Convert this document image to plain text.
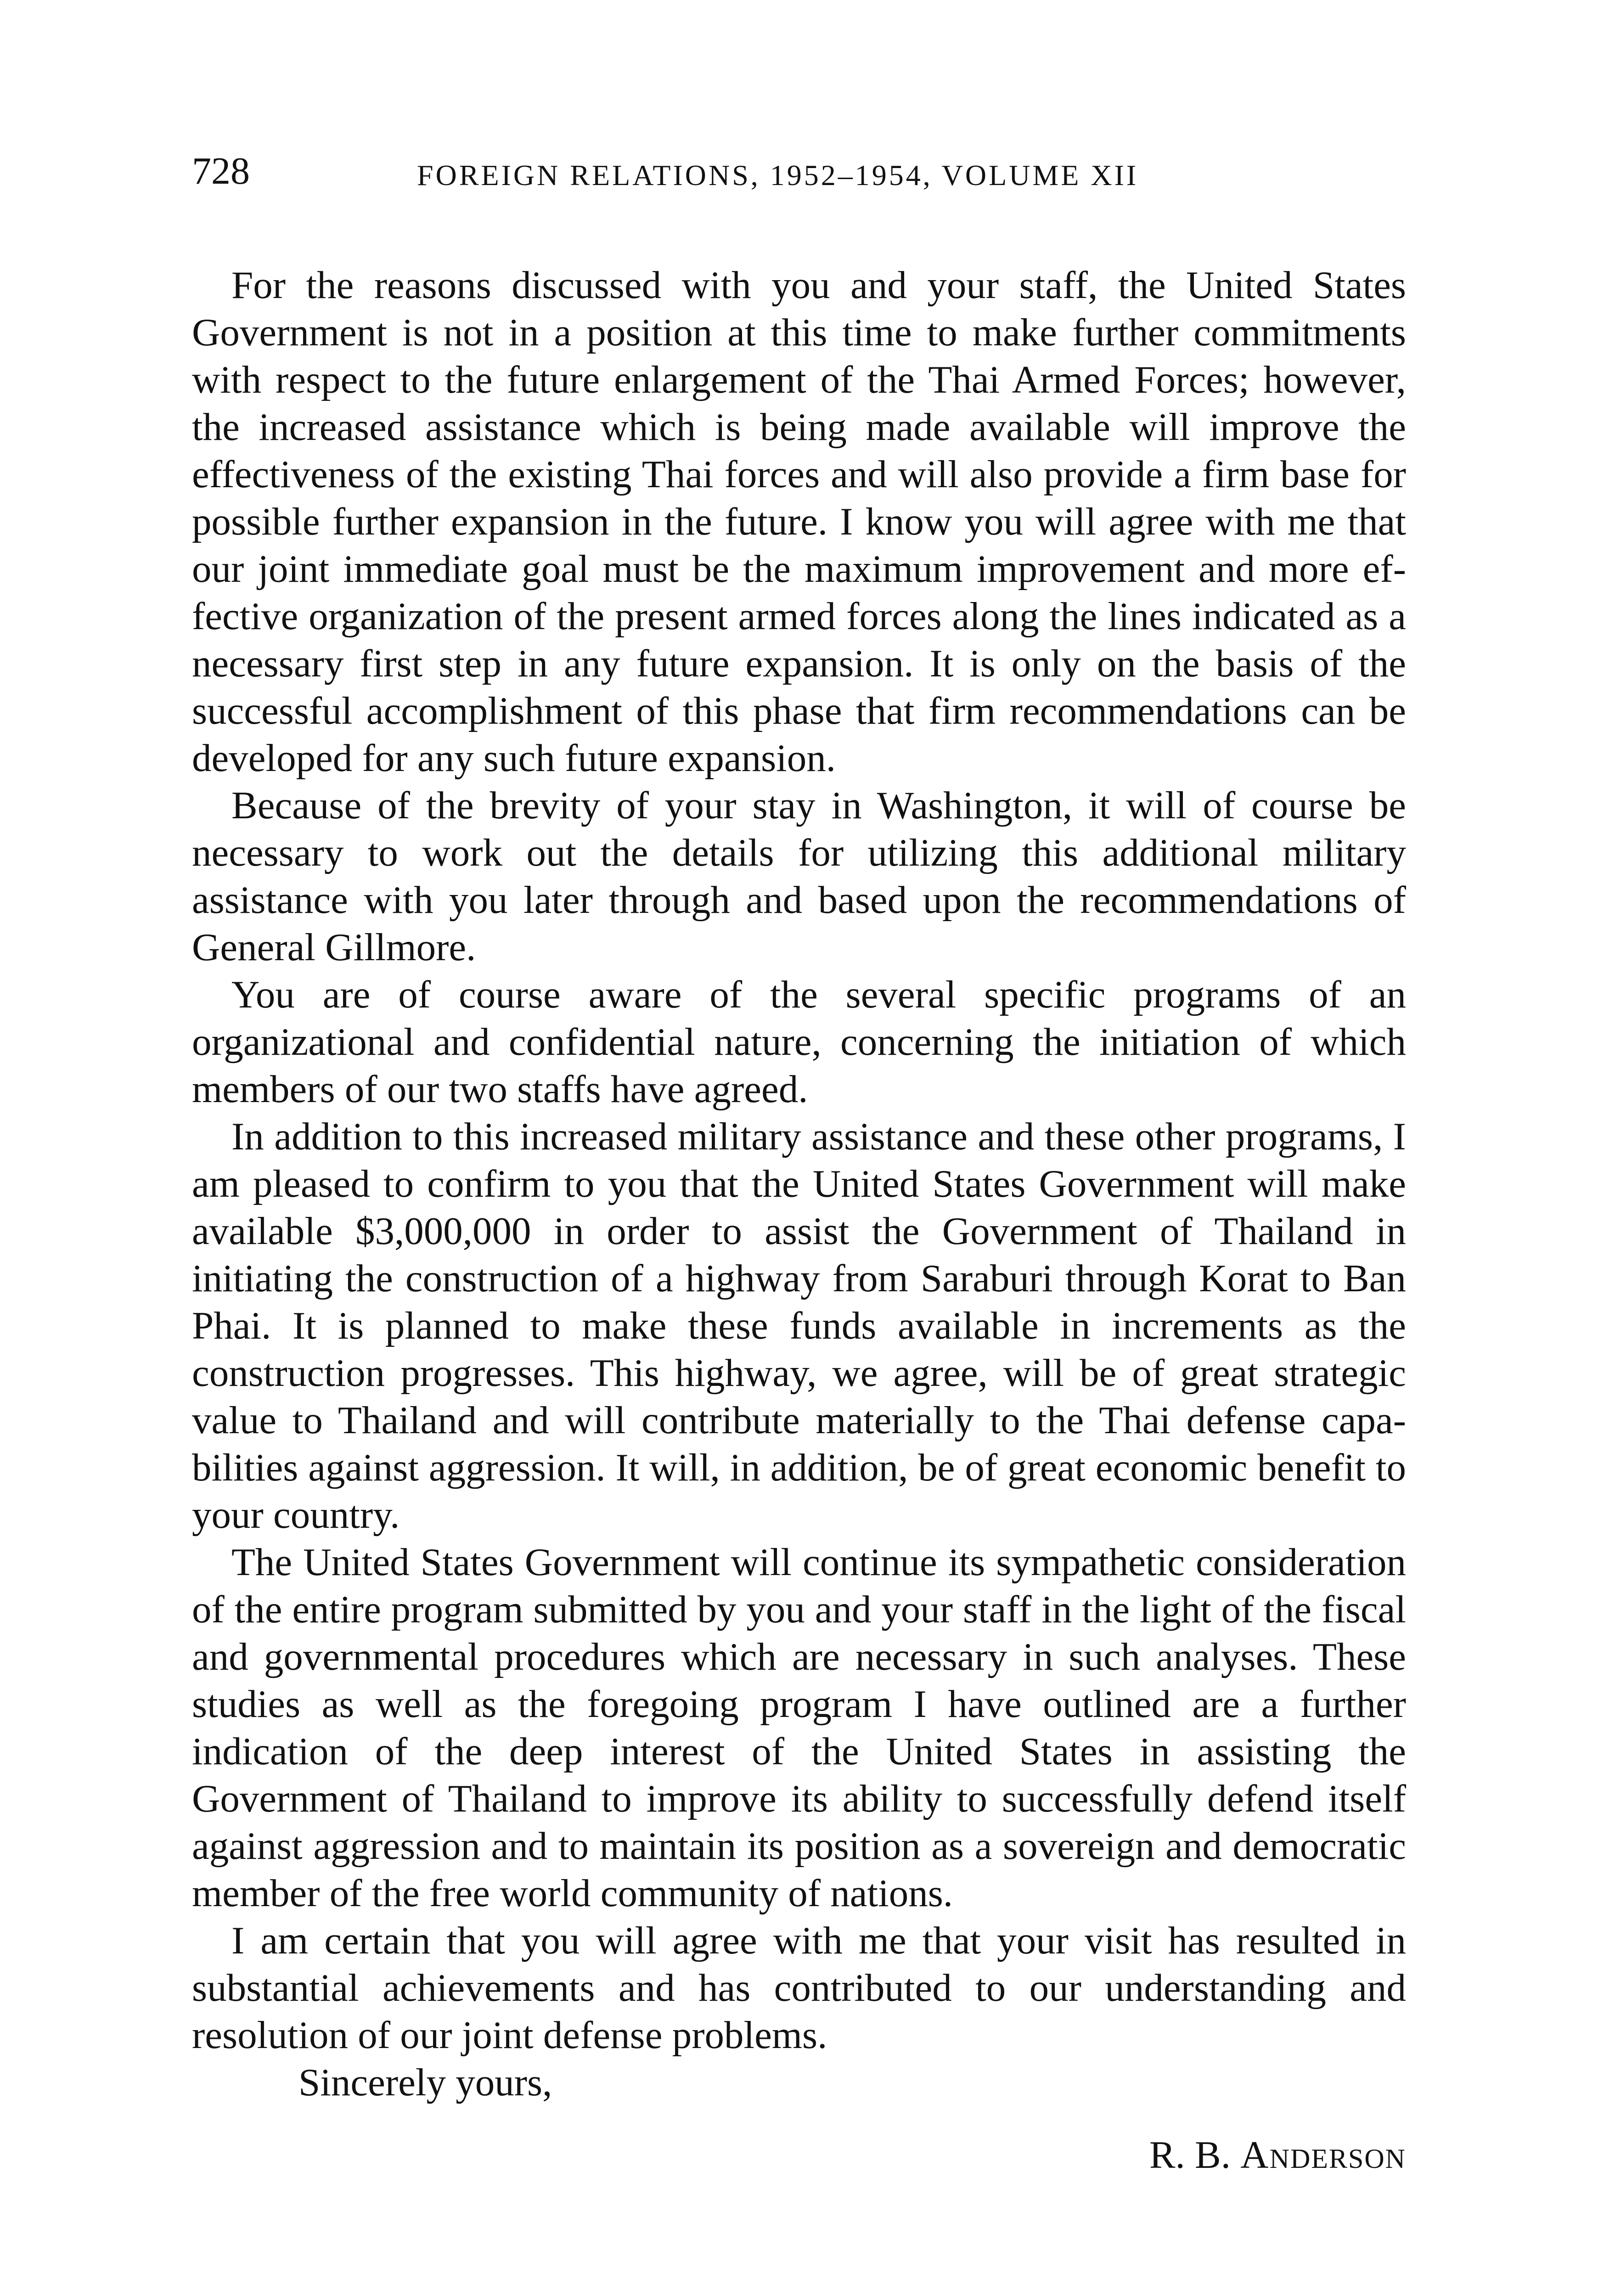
728	FOREIGN RELATIONS, 1952–1954, VOLUME XII

For the reasons discussed with you and your staff, the United States Government is not in a position at this time to make further commitments with respect to the future enlargement of the Thai Armed Forces; however, the increased assistance which is being made available will improve the effectiveness of the existing Thai forces and will also provide a firm base for possible further expansion in the future. I know you will agree with me that our joint immediate goal must be the maximum improvement and more effective organization of the present armed forces along the lines indicated as a necessary first step in any future expansion. It is only on the basis of the successful accomplishment of this phase that firm recommendations can be developed for any such future expansion.

Because of the brevity of your stay in Washington, it will of course be necessary to work out the details for utilizing this additional military assistance with you later through and based upon the recommendations of General Gillmore.

You are of course aware of the several specific programs of an organizational and confidential nature, concerning the initiation of which members of our two staffs have agreed.

In addition to this increased military assistance and these other programs, I am pleased to confirm to you that the United States Government will make available $3,000,000 in order to assist the Government of Thailand in initiating the construction of a highway from Saraburi through Korat to Ban Phai. It is planned to make these funds available in increments as the construction progresses. This highway, we agree, will be of great strategic value to Thailand and will contribute materially to the Thai defense capabilities against aggression. It will, in addition, be of great economic benefit to your country.

The United States Government will continue its sympathetic consideration of the entire program submitted by you and your staff in the light of the fiscal and governmental procedures which are necessary in such analyses. These studies as well as the foregoing program I have outlined are a further indication of the deep interest of the United States in assisting the Government of Thailand to improve its ability to successfully defend itself against aggression and to maintain its position as a sovereign and democratic member of the free world community of nations.

I am certain that you will agree with me that your visit has resulted in substantial achievements and has contributed to our understanding and resolution of our joint defense problems.

Sincerely yours,

R. B. Anderson
